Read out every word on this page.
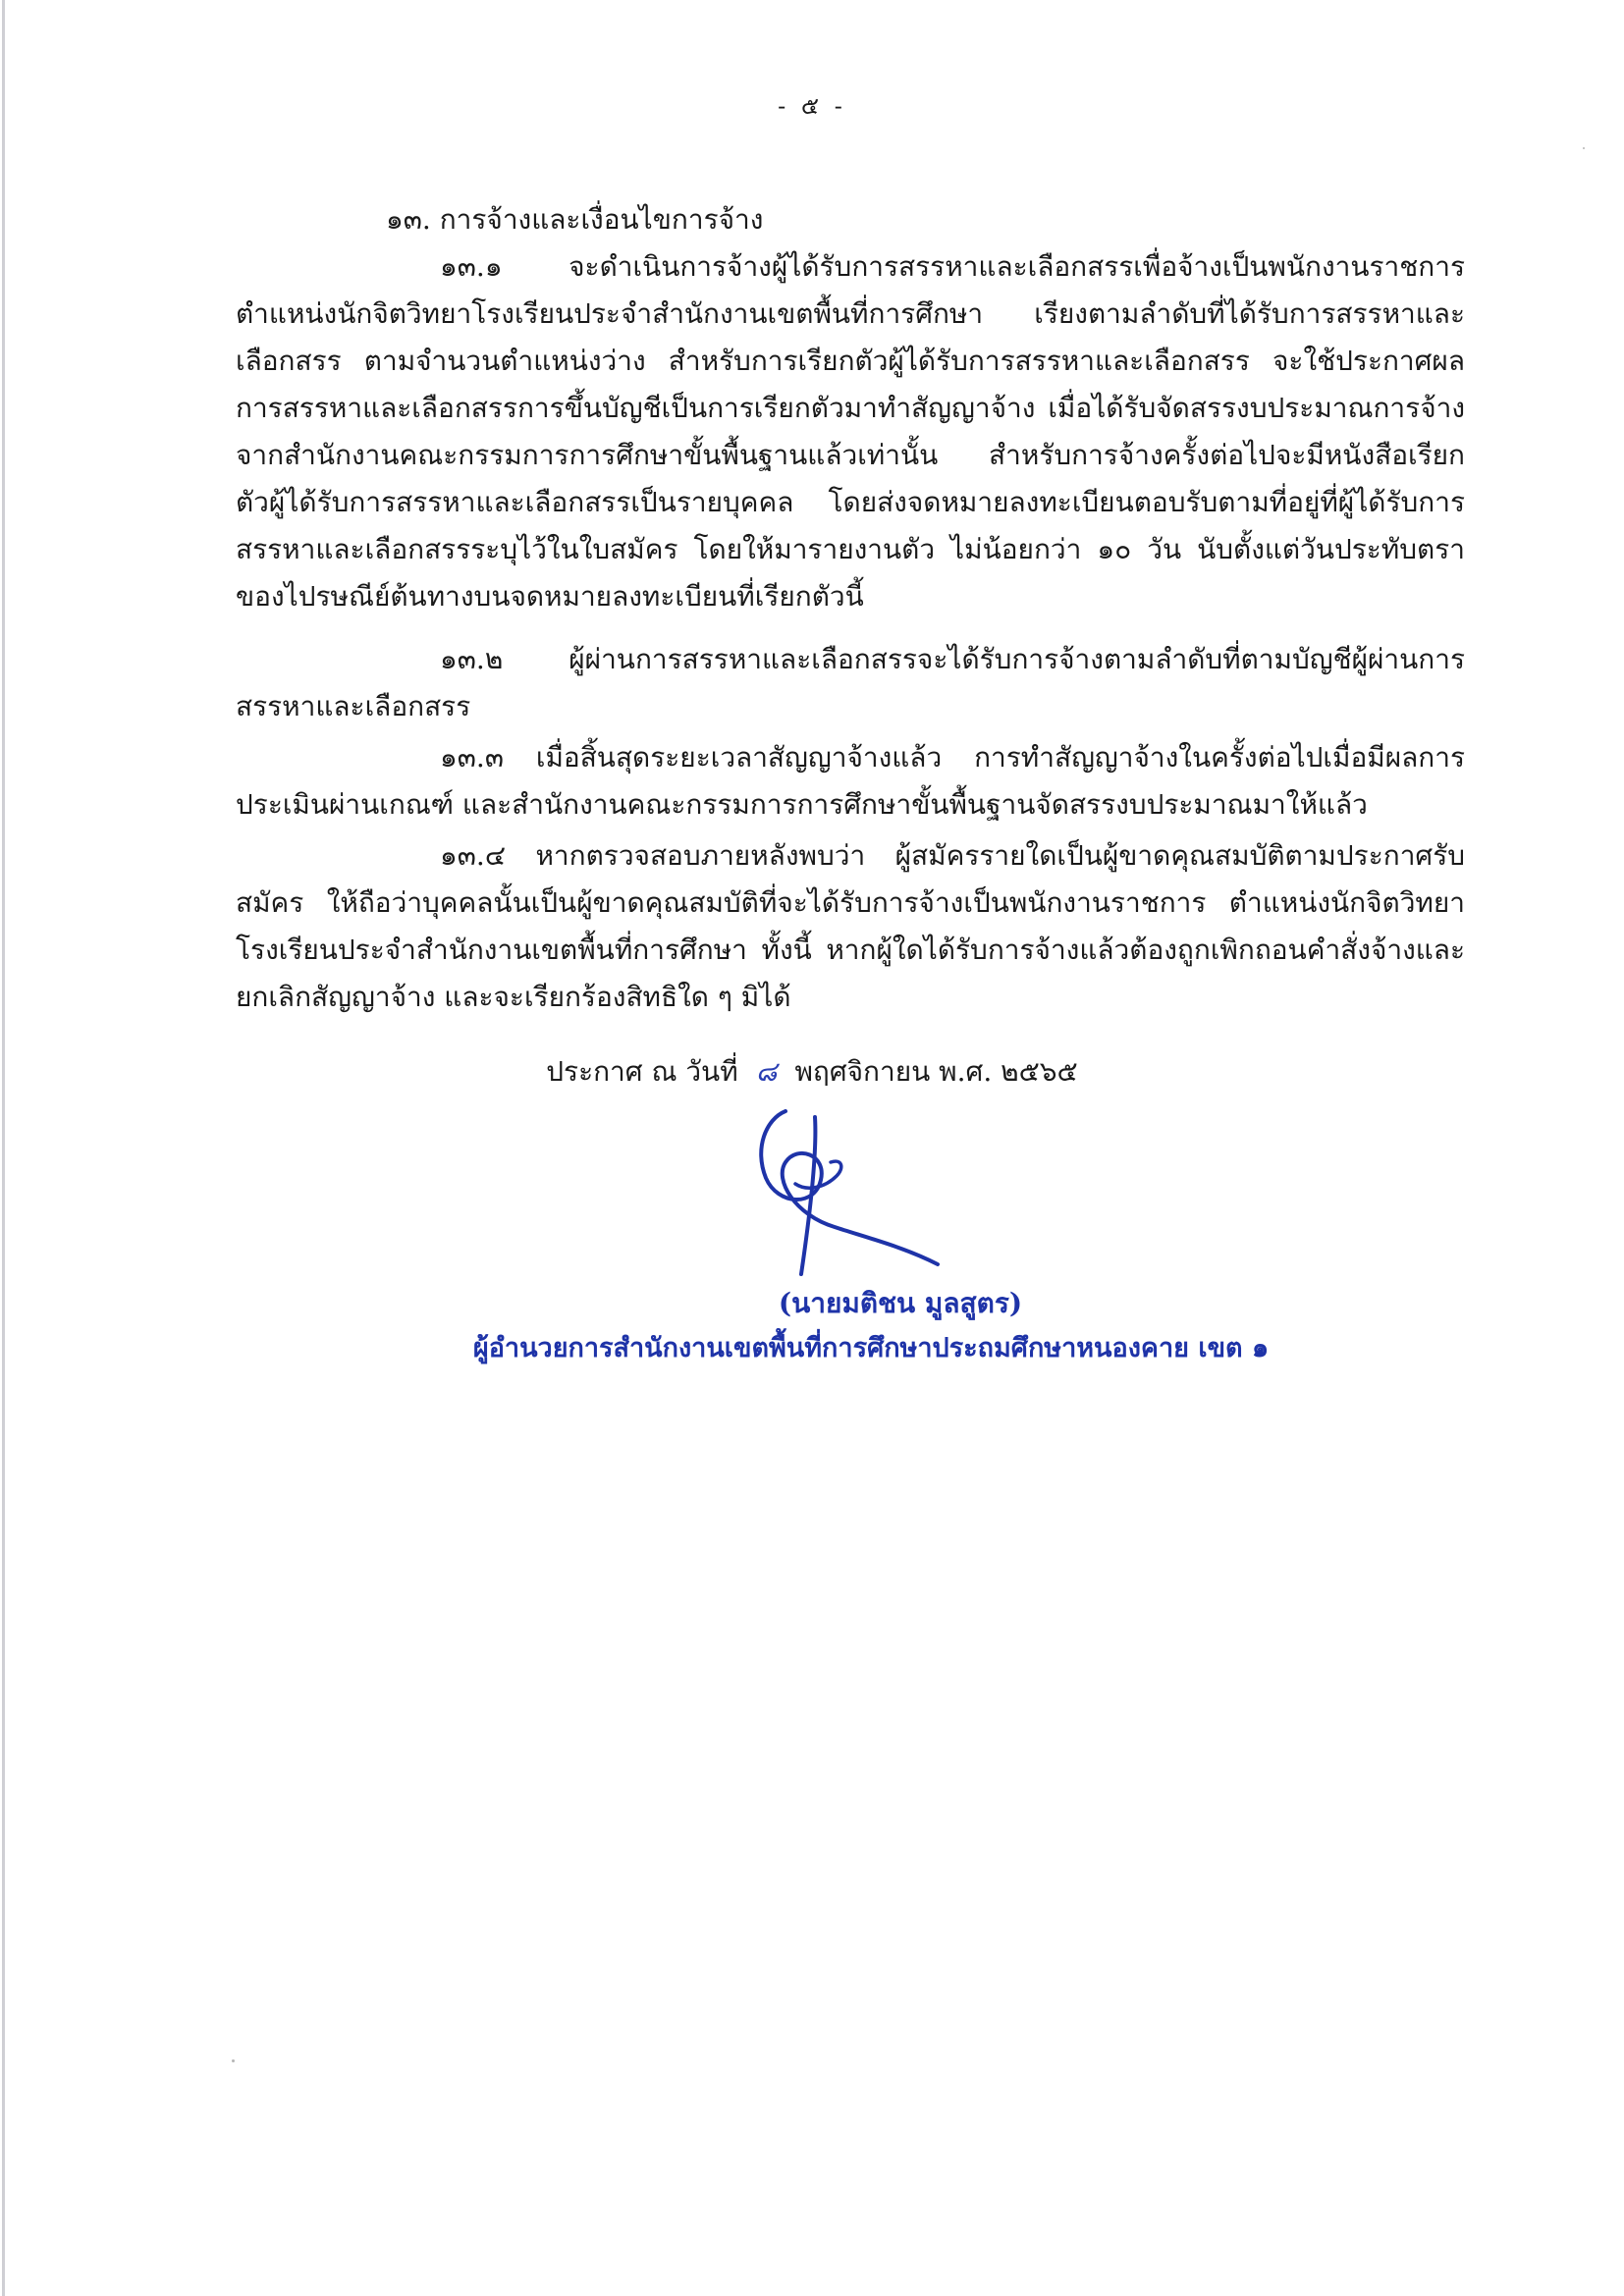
- ๕ -
๑๓. การจ้างและเงื่อนไขการจ้าง

๑๓.๑ จะดำเนินการจ้างผู้ได้รับการสรรหาและเลือกสรรเพื่อจ้างเป็นพนักงานราชการ ตำแหน่งนักจิตวิทยาโรงเรียนประจำสำนักงานเขตพื้นที่การศึกษา เรียงตามลำดับที่ได้รับการสรรหาและเลือกสรร ตามจำนวนตำแหน่งว่าง สำหรับการเรียกตัวผู้ได้รับการสรรหาและเลือกสรร จะใช้ประกาศผลการสรรหาและเลือกสรรการขึ้นบัญชีเป็นการเรียกตัวมาทำสัญญาจ้าง เมื่อได้รับจัดสรรงบประมาณการจ้างจากสำนักงานคณะกรรมการการศึกษาขั้นพื้นฐานแล้วเท่านั้น สำหรับการจ้างครั้งต่อไปจะมีหนังสือเรียกตัวผู้ได้รับการสรรหาและเลือกสรรเป็นรายบุคคล โดยส่งจดหมายลงทะเบียนตอบรับตามที่อยู่ที่ผู้ได้รับการสรรหาและเลือกสรรระบุไว้ในใบสมัคร โดยให้มารายงานตัว ไม่น้อยกว่า ๑๐ วัน นับตั้งแต่วันประทับตราของไปรษณีย์ต้นทางบนจดหมายลงทะเบียนที่เรียกตัวนี้

๑๓.๒ ผู้ผ่านการสรรหาและเลือกสรรจะได้รับการจ้างตามลำดับที่ตามบัญชีผู้ผ่านการสรรหาและเลือกสรร

๑๓.๓ เมื่อสิ้นสุดระยะเวลาสัญญาจ้างแล้ว การทำสัญญาจ้างในครั้งต่อไปเมื่อมีผลการประเมินผ่านเกณฑ์ และสำนักงานคณะกรรมการการศึกษาขั้นพื้นฐานจัดสรรงบประมาณมาให้แล้ว

๑๓.๔ หากตรวจสอบภายหลังพบว่า ผู้สมัครรายใดเป็นผู้ขาดคุณสมบัติตามประกาศรับสมัคร ให้ถือว่าบุคคลนั้นเป็นผู้ขาดคุณสมบัติที่จะได้รับการจ้างเป็นพนักงานราชการ ตำแหน่งนักจิตวิทยาโรงเรียนประจำสำนักงานเขตพื้นที่การศึกษา ทั้งนี้ หากผู้ใดได้รับการจ้างแล้วต้องถูกเพิกถอนคำสั่งจ้างและยกเลิกสัญญาจ้าง และจะเรียกร้องสิทธิใด ๆ มิได้

ประกาศ ณ วันที่ ๘ พฤศจิกายน พ.ศ. ๒๕๖๕
(นายมติชน มูลสูตร)
ผู้อำนวยการสำนักงานเขตพื้นที่การศึกษาประถมศึกษาหนองคาย เขต ๑
